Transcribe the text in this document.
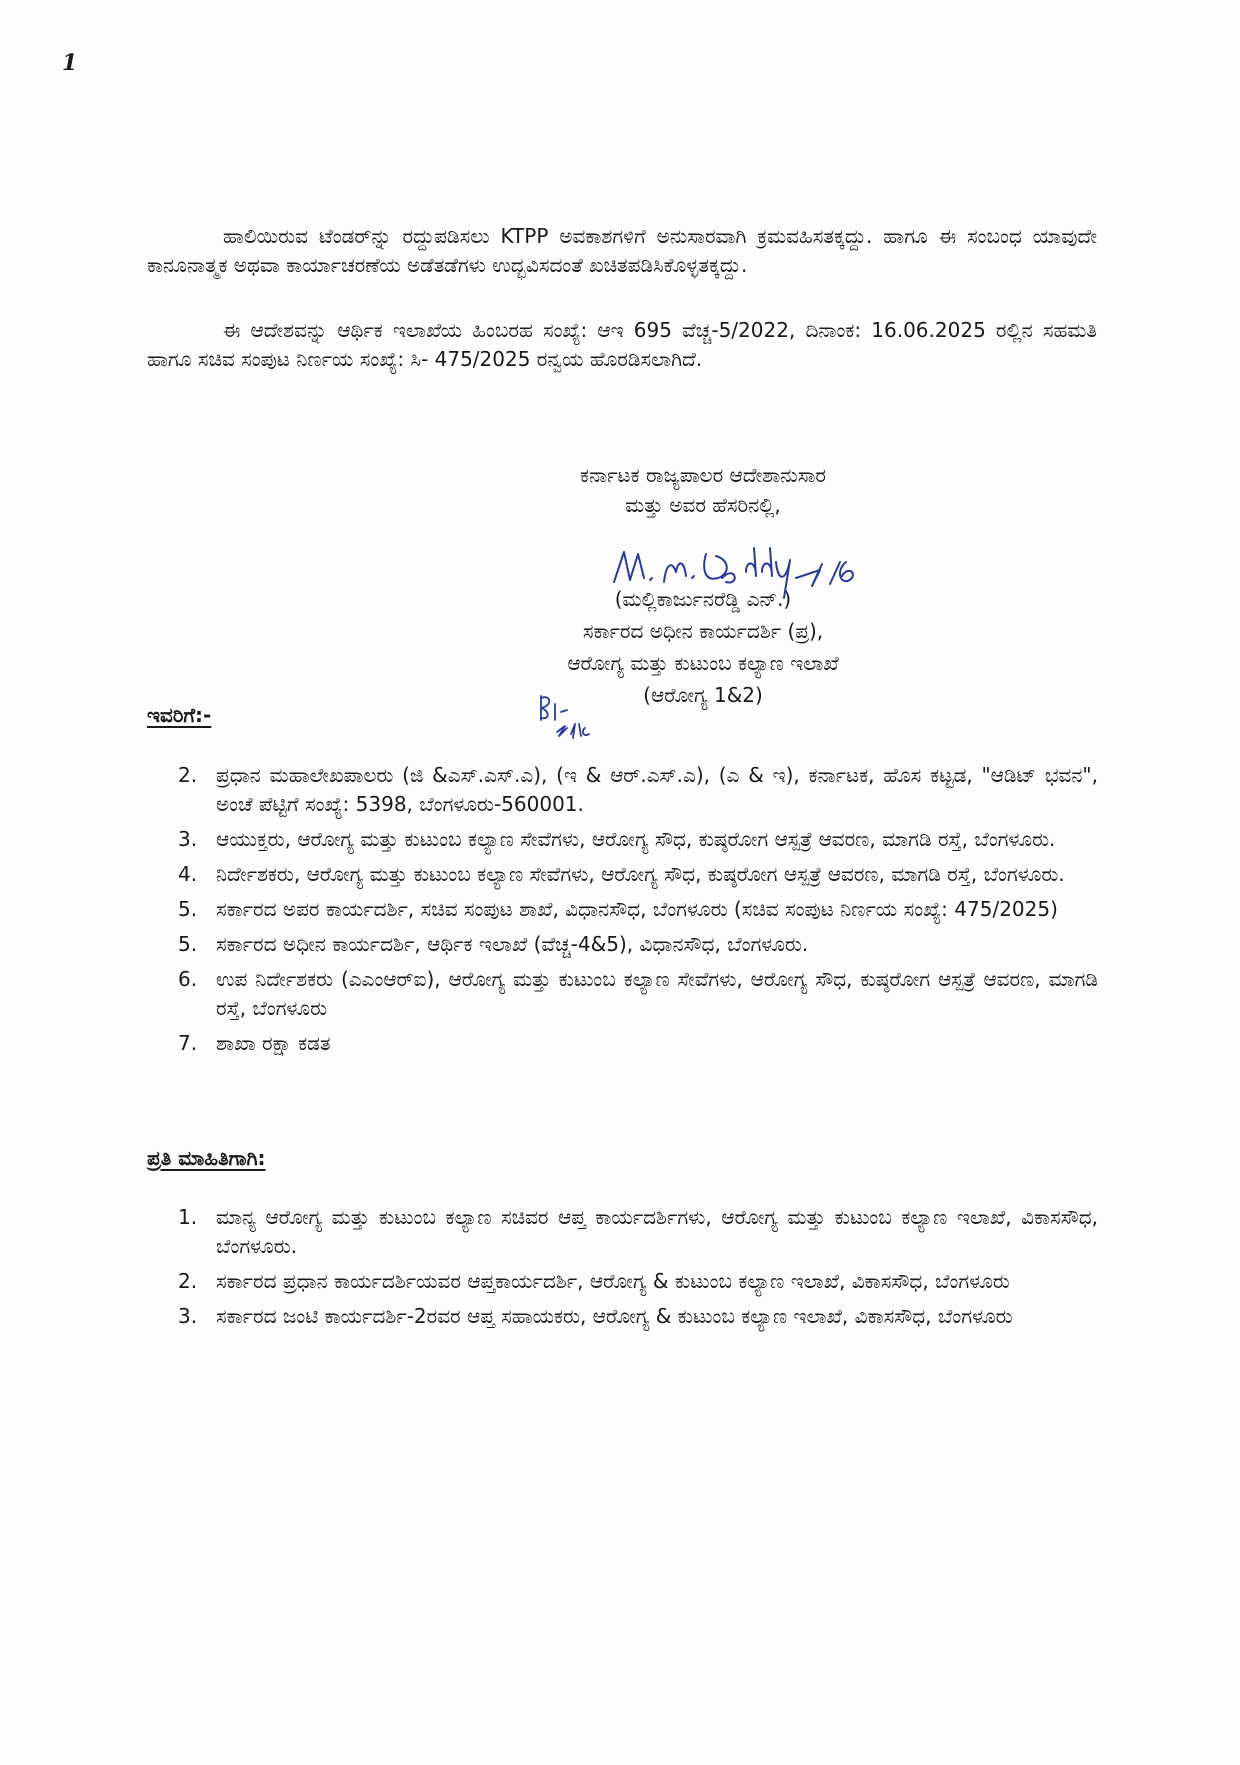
1

ಹಾಲಿಯಿರುವ ಟೆಂಡರ್‌ನ್ನು ರದ್ದುಪಡಿಸಲು KTPP ಅವಕಾಶಗಳಿಗೆ ಅನುಸಾರವಾಗಿ ಕ್ರಮವಹಿಸತಕ್ಕದ್ದು. ಹಾಗೂ ಈ ಸಂಬಂಧ ಯಾವುದೇ ಕಾನೂನಾತ್ಮಕ ಅಥವಾ ಕಾರ್ಯಾಚರಣೆಯ ಅಡೆತಡೆಗಳು ಉದ್ಭವಿಸದಂತೆ ಖಚಿತಪಡಿಸಿಕೊಳ್ಳತಕ್ಕದ್ದು.

ಈ ಆದೇಶವನ್ನು ಆರ್ಥಿಕ ಇಲಾಖೆಯ ಹಿಂಬರಹ ಸಂಖ್ಯೆ: ಆಇ 695 ವೆಚ್ಚ-5/2022, ದಿನಾಂಕ: 16.06.2025 ರಲ್ಲಿನ ಸಹಮತಿ ಹಾಗೂ ಸಚಿವ ಸಂಪುಟ ನಿರ್ಣಯ ಸಂಖ್ಯೆ: ಸಿ- 475/2025 ರನ್ವಯ ಹೊರಡಿಸಲಾಗಿದೆ.

ಕರ್ನಾಟಕ ರಾಜ್ಯಪಾಲರ ಆದೇಶಾನುಸಾರ
ಮತ್ತು ಅವರ ಹೆಸರಿನಲ್ಲಿ,
(ಮಲ್ಲಿಕಾರ್ಜುನರೆಡ್ಡಿ ಎನ್.)
ಸರ್ಕಾರದ ಅಧೀನ ಕಾರ್ಯದರ್ಶಿ (ಪ್ರ),
ಆರೋಗ್ಯ ಮತ್ತು ಕುಟುಂಬ ಕಲ್ಯಾಣ ಇಲಾಖೆ
(ಆರೋಗ್ಯ 1&2)
ಇವರಿಗೆ:-
2. ಪ್ರಧಾನ ಮಹಾಲೇಖಪಾಲರು (ಜಿ &ಎಸ್.ಎಸ್.ಎ), (ಇ & ಆರ್.ಎಸ್.ಎ), (ಎ & ಇ), ಕರ್ನಾಟಕ, ಹೊಸ ಕಟ್ಟಡ, "ಆಡಿಟ್ ಭವನ", ಅಂಚೆ ಪೆಟ್ಟಿಗೆ ಸಂಖ್ಯೆ: 5398, ಬೆಂಗಳೂರು-560001.
3. ಆಯುಕ್ತರು, ಆರೋಗ್ಯ ಮತ್ತು ಕುಟುಂಬ ಕಲ್ಯಾಣ ಸೇವೆಗಳು, ಆರೋಗ್ಯ ಸೌಧ, ಕುಷ್ಠರೋಗ ಆಸ್ಪತ್ರೆ ಆವರಣ, ಮಾಗಡಿ ರಸ್ತೆ, ಬೆಂಗಳೂರು.
4. ನಿರ್ದೇಶಕರು, ಆರೋಗ್ಯ ಮತ್ತು ಕುಟುಂಬ ಕಲ್ಯಾಣ ಸೇವೆಗಳು, ಆರೋಗ್ಯ ಸೌಧ, ಕುಷ್ಠರೋಗ ಆಸ್ಪತ್ರೆ ಆವರಣ, ಮಾಗಡಿ ರಸ್ತೆ, ಬೆಂಗಳೂರು.
5. ಸರ್ಕಾರದ ಅಪರ ಕಾರ್ಯದರ್ಶಿ, ಸಚಿವ ಸಂಪುಟ ಶಾಖೆ, ವಿಧಾನಸೌಧ, ಬೆಂಗಳೂರು (ಸಚಿವ ಸಂಪುಟ ನಿರ್ಣಯ ಸಂಖ್ಯೆ: 475/2025)
5. ಸರ್ಕಾರದ ಅಧೀನ ಕಾರ್ಯದರ್ಶಿ, ಆರ್ಥಿಕ ಇಲಾಖೆ (ವೆಚ್ಚ-4&5), ವಿಧಾನಸೌಧ, ಬೆಂಗಳೂರು.
6. ಉಪ ನಿರ್ದೇಶಕರು (ಎಎಂಆರ್‌ಐ), ಆರೋಗ್ಯ ಮತ್ತು ಕುಟುಂಬ ಕಲ್ಯಾಣ ಸೇವೆಗಳು, ಆರೋಗ್ಯ ಸೌಧ, ಕುಷ್ಠರೋಗ ಆಸ್ಪತ್ರೆ ಆವರಣ, ಮಾಗಡಿ ರಸ್ತೆ, ಬೆಂಗಳೂರು
7. ಶಾಖಾ ರಕ್ಷಾ ಕಡತ
ಪ್ರತಿ ಮಾಹಿತಿಗಾಗಿ:
1. ಮಾನ್ಯ ಆರೋಗ್ಯ ಮತ್ತು ಕುಟುಂಬ ಕಲ್ಯಾಣ ಸಚಿವರ ಆಪ್ತ ಕಾರ್ಯದರ್ಶಿಗಳು, ಆರೋಗ್ಯ ಮತ್ತು ಕುಟುಂಬ ಕಲ್ಯಾಣ ಇಲಾಖೆ, ವಿಕಾಸಸೌಧ, ಬೆಂಗಳೂರು.
2. ಸರ್ಕಾರದ ಪ್ರಧಾನ ಕಾರ್ಯದರ್ಶಿಯವರ ಆಪ್ತಕಾರ್ಯದರ್ಶಿ, ಆರೋಗ್ಯ & ಕುಟುಂಬ ಕಲ್ಯಾಣ ಇಲಾಖೆ, ವಿಕಾಸಸೌಧ, ಬೆಂಗಳೂರು
3. ಸರ್ಕಾರದ ಜಂಟಿ ಕಾರ್ಯದರ್ಶಿ-2ರವರ ಆಪ್ತ ಸಹಾಯಕರು, ಆರೋಗ್ಯ & ಕುಟುಂಬ ಕಲ್ಯಾಣ ಇಲಾಖೆ, ವಿಕಾಸಸೌಧ, ಬೆಂಗಳೂರು
